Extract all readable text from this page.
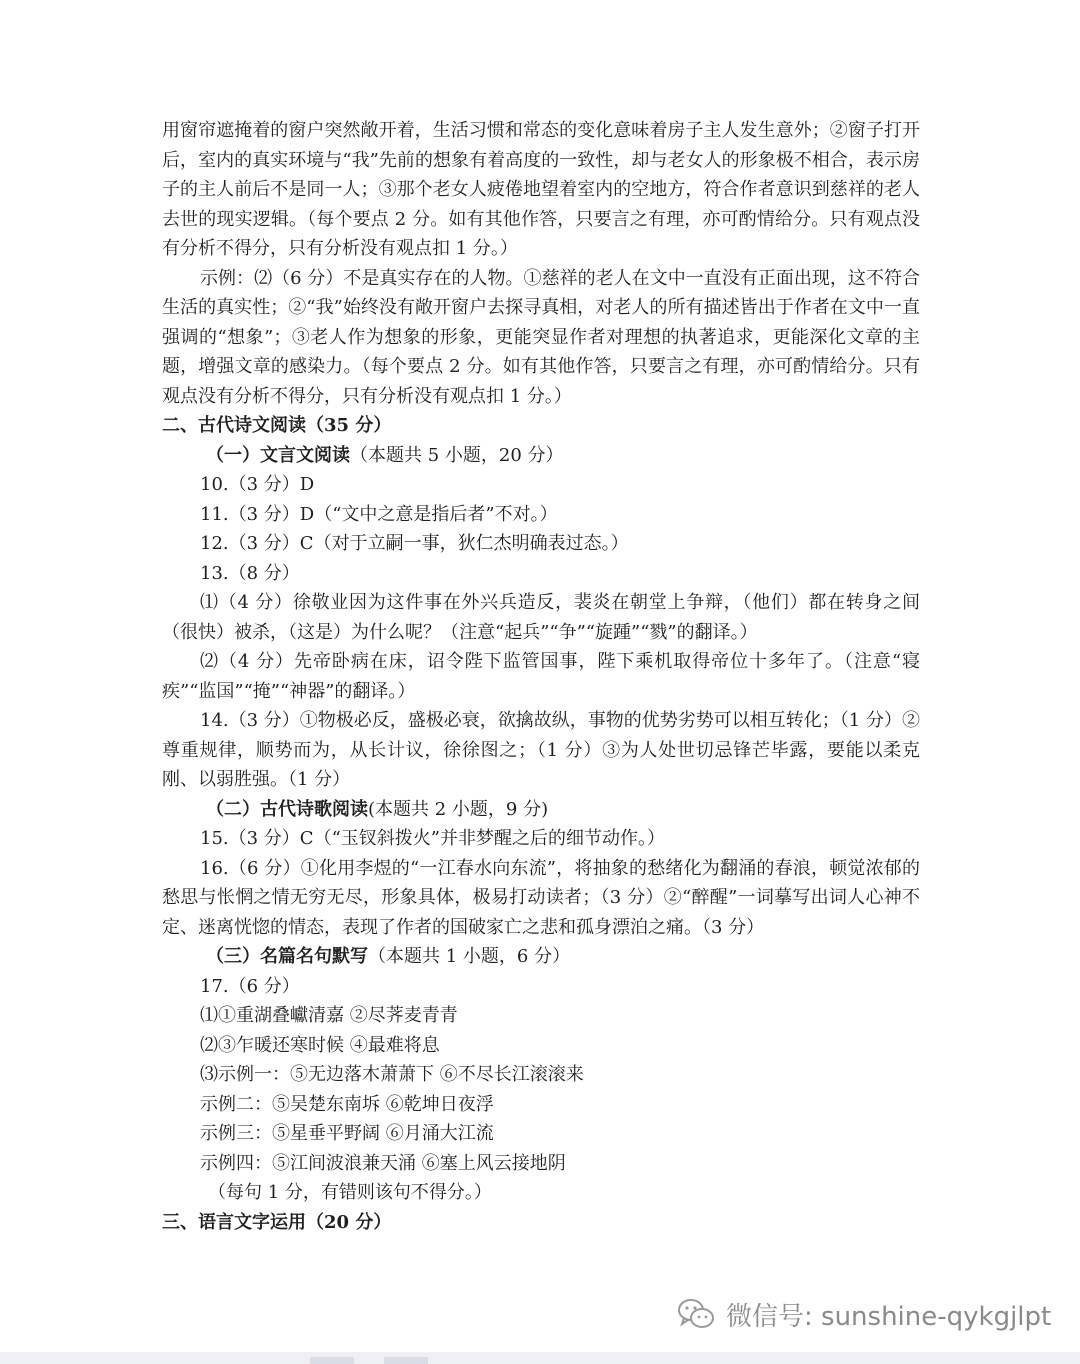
用窗帘遮掩着的窗户突然敞开着，生活习惯和常态的变化意味着房子主人发生意外；②窗子打开后，室内的真实环境与“我”先前的想象有着高度的一致性，却与老女人的形象极不相合，表示房子的主人前后不是同一人；③那个老女人疲倦地望着室内的空地方，符合作者意识到慈祥的老人去世的现实逻辑。（每个要点 2 分。如有其他作答，只要言之有理，亦可酌情给分。只有观点没有分析不得分，只有分析没有观点扣 1 分。）

示例：⑵（6 分）不是真实存在的人物。①慈祥的老人在文中一直没有正面出现，这不符合生活的真实性；②“我”始终没有敞开窗户去探寻真相，对老人的所有描述皆出于作者在文中一直强调的“想象”；③老人作为想象的形象，更能突显作者对理想的执著追求，更能深化文章的主题，增强文章的感染力。（每个要点 2 分。如有其他作答，只要言之有理，亦可酌情给分。只有观点没有分析不得分，只有分析没有观点扣 1 分。）

二、古代诗文阅读（35 分）

（一）文言文阅读（本题共 5 小题，20 分）

10.（3 分）D

11.（3 分）D（“文中之意是指后者”不对。）

12.（3 分）C（对于立嗣一事，狄仁杰明确表过态。）

13.（8 分）

⑴（4 分）徐敬业因为这件事在外兴兵造反，裴炎在朝堂上争辩，（他们）都在转身之间（很快）被杀，（这是）为什么呢？（注意“起兵”“争”“旋踵”“戮”的翻译。）

⑵（4 分）先帝卧病在床，诏令陛下监管国事，陛下乘机取得帝位十多年了。（注意“寝疾”“监国”“掩”“神器”的翻译。）

14.（3 分）①物极必反，盛极必衰，欲擒故纵，事物的优势劣势可以相互转化；（1 分）②尊重规律，顺势而为，从长计议，徐徐图之；（1 分）③为人处世切忌锋芒毕露，要能以柔克刚、以弱胜强。（1 分）

（二）古代诗歌阅读(本题共 2 小题，9 分)

15.（3 分）C（“玉钗斜拨火”并非梦醒之后的细节动作。）

16.（6 分）①化用李煜的“一江春水向东流”，将抽象的愁绪化为翻涌的春浪，顿觉浓郁的愁思与怅惘之情无穷无尽，形象具体，极易打动读者；（3 分）②“醉醒”一词摹写出词人心神不定、迷离恍惚的情态，表现了作者的国破家亡之悲和孤身漂泊之痛。（3 分）

（三）名篇名句默写（本题共 1 小题，6 分）

17.（6 分）

⑴①重湖叠巘清嘉 ②尽荠麦青青

⑵③乍暖还寒时候 ④最难将息

⑶示例一：⑤无边落木萧萧下 ⑥不尽长江滚滚来

示例二：⑤吴楚东南坼 ⑥乾坤日夜浮

示例三：⑤星垂平野阔 ⑥月涌大江流

示例四：⑤江间波浪兼天涌 ⑥塞上风云接地阴

（每句 1 分，有错则该句不得分。）

三、语言文字运用（20 分）

微信号: sunshine-qykgjlpt
